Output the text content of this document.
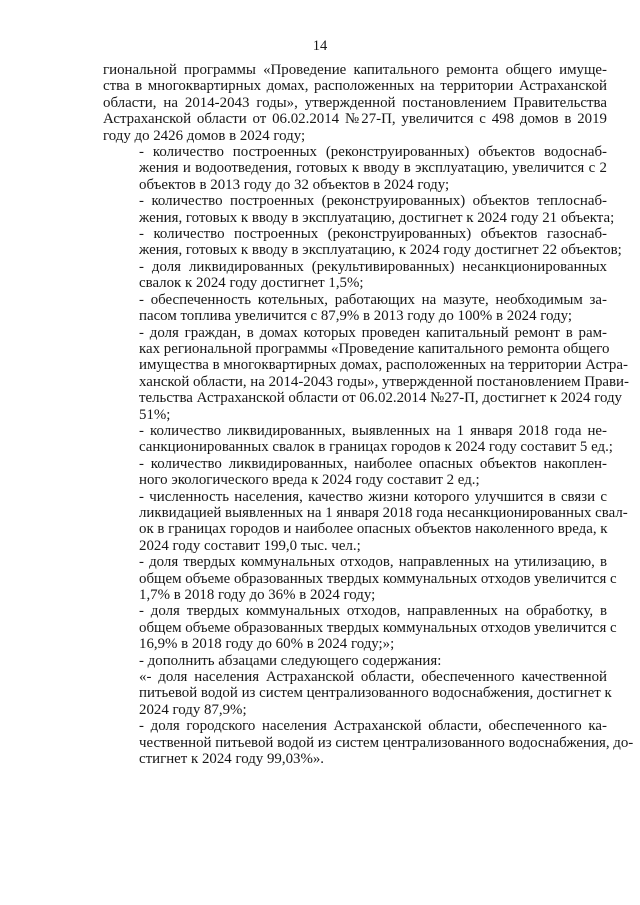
14

гиональной программы «Проведение капитального ремонта общего имуще-
ства в многоквартирных домах, расположенных на территории Астраханской
области, на 2014-2043 годы», утвержденной постановлением Правительства
Астраханской области от 06.02.2014 №27-П, увеличится с 498 домов в 2019
году до 2426 домов в 2024 году;

- количество построенных (реконструированных) объектов водоснаб-
жения и водоотведения, готовых к вводу в эксплуатацию, увеличится с 2
объектов в 2013 году до 32 объектов в 2024 году;

- количество построенных (реконструированных) объектов теплоснаб-
жения, готовых к вводу в эксплуатацию, достигнет к 2024 году 21 объекта;

- количество построенных (реконструированных) объектов газоснаб-
жения, готовых к вводу в эксплуатацию, к 2024 году достигнет 22 объектов;

- доля ликвидированных (рекультивированных) несанкционированных
свалок к 2024 году достигнет 1,5%;

- обеспеченность котельных, работающих на мазуте, необходимым за-
пасом топлива увеличится с 87,9% в 2013 году до 100% в 2024 году;

- доля граждан, в домах которых проведен капитальный ремонт в рам-
ках региональной программы «Проведение капитального ремонта общего
имущества в многоквартирных домах, расположенных на территории Астра-
ханской области, на 2014-2043 годы», утвержденной постановлением Прави-
тельства Астраханской области от 06.02.2014 №27-П, достигнет к 2024 году
51%;

- количество ликвидированных, выявленных на 1 января 2018 года не-
санкционированных свалок в границах городов к 2024 году составит 5 ед.;

- количество ликвидированных, наиболее опасных объектов накоплен-
ного экологического вреда к 2024 году составит 2 ед.;

- численность населения, качество жизни которого улучшится в связи с
ликвидацией выявленных на 1 января 2018 года несанкционированных свал-
ок в границах городов и наиболее опасных объектов наколенного вреда, к
2024 году составит 199,0 тыс. чел.;

- доля твердых коммунальных отходов, направленных на утилизацию, в
общем объеме образованных твердых коммунальных отходов увеличится с
1,7% в 2018 году до 36% в 2024 году;

- доля твердых коммунальных отходов, направленных на обработку, в
общем объеме образованных твердых коммунальных отходов увеличится с
16,9% в 2018 году до 60% в 2024 году;»;

- дополнить абзацами следующего содержания:

«- доля населения Астраханской области, обеспеченного качественной
питьевой водой из систем централизованного водоснабжения, достигнет к
2024 году 87,9%;

- доля городского населения Астраханской области, обеспеченного ка-
чественной питьевой водой из систем централизованного водоснабжения, до-
стигнет к 2024 году 99,03%».
